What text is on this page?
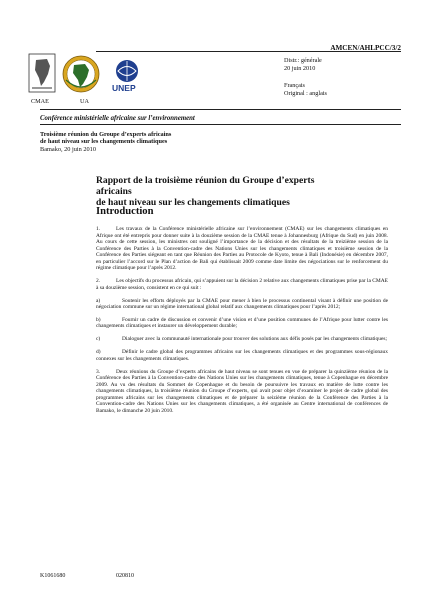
AMCEN/AHLPCC/3/2
CMAE	UA
UNEP
Distr.: générale
20 juin 2010
Français
Original : anglais
Conférence ministérielle africaine sur l’environnement
Troisième réunion du Groupe d’experts africains
de haut niveau sur les changements climatiques
Bamako, 20 juin 2010
Rapport de la troisième réunion du Groupe d’experts africains
de haut niveau sur les changements climatiques
Introduction

1.	Les travaux de la Conférence ministérielle africaine sur l’environnement (CMAE) sur les changements climatiques en Afrique ont été entrepris pour donner suite à la douzième session de la CMAE tenue à Johannesburg (Afrique du Sud) en juin 2008. Au cours de cette session, les ministres ont souligné l’importance de la décision et des résultats de la treizième session de la Conférence des Parties à la Convention-cadre des Nations Unies sur les changements climatiques et troisième session de la Conférence des Parties siégeant en tant que Réunion des Parties au Protocole de Kyoto, tenue à Bali (Indonésie) en décembre 2007, en particulier l’accord sur le Plan d’action de Bali qui établissait 2009 comme date limite des négociations sur le renforcement du régime climatique pour l’après 2012.

2.	Les objectifs du processus africain, qui s’appuient sur la décision 2 relative aux changements climatiques prise par la CMAE à sa douzième session, consistent en ce qui suit :

a)	Soutenir les efforts déployés par la CMAE pour mener à bien le processus continental visant à définir une position de négociation commune sur un régime international global relatif aux changements climatiques pour l’après 2012;

b)	Fournir un cadre de discussion et convenir d’une vision et d’une position communes de l’Afrique pour lutter contre les changements climatiques et instaurer un développement durable;

c)	Dialoguer avec la communauté internationale pour trouver des solutions aux défis posés par les changements climatiques;

d)	Définir le cadre global des programmes africains sur les changements climatiques et des programmes sous-régionaux connexes sur les changements climatiques.

3.	Deux réunions du Groupe d’experts africains de haut niveau se sont tenues en vue de préparer la quinzième réunion de la Conférence des Parties à la Convention-cadre des Nations Unies sur les changements climatiques, tenue à Copenhague en décembre 2009. Au vu des résultats du Sommet de Copenhague et du besoin de poursuivre les travaux en matière de lutte contre les changements climatiques, la troisième réunion du Groupe d’experts, qui avait pour objet d’examiner le projet de cadre global des programmes africains sur les changements climatiques et de préparer la seizième réunion de la Conférence des Parties à la Convention-cadre des Nations Unies sur les changements climatiques, a été organisée au Centre international de conférences de Bamako, le dimanche 20 juin 2010.

K1061680	020810
